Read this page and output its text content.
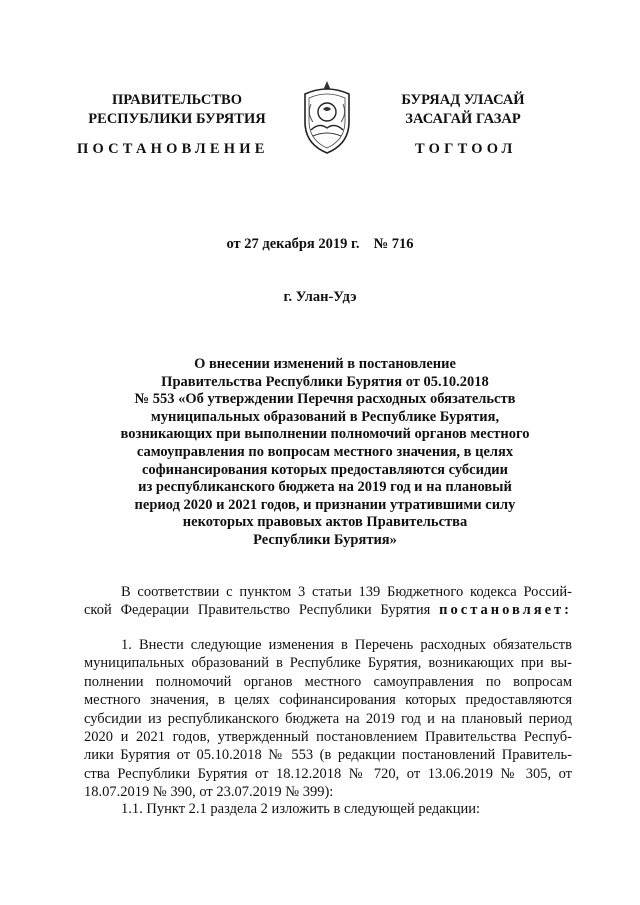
ПРАВИТЕЛЬСТВО
РЕСПУБЛИКИ БУРЯТИЯ
БУРЯАД УЛАСАЙ
ЗАСАГАЙ ГАЗАР
ПОСТАНОВЛЕНИЕ	ТОГТООЛ
от 27 декабря 2019 г. № 716
г. Улан-Удэ
О внесении изменений в постановление
Правительства Республики Бурятия от 05.10.2018
№ 553 «Об утверждении Перечня расходных обязательств
муниципальных образований в Республике Бурятия,
возникающих при выполнении полномочий органов местного
самоуправления по вопросам местного значения, в целях
софинансирования которых предоставляются субсидии
из республиканского бюджета на 2019 год и на плановый
период 2020 и 2021 годов, и признании утратившими силу
некоторых правовых актов Правительства
Республики Бурятия»
В соответствии с пунктом 3 статьи 139 Бюджетного кодекса Россий-
ской Федерации Правительство Республики Бурятия постановляет:
1. Внести следующие изменения в Перечень расходных обязательств
муниципальных образований в Республике Бурятия, возникающих при вы-
полнении полномочий органов местного самоуправления по вопросам
местного значения, в целях софинансирования которых предоставляются
субсидии из республиканского бюджета на 2019 год и на плановый период
2020 и 2021 годов, утвержденный постановлением Правительства Респуб-
лики Бурятия от 05.10.2018 № 553 (в редакции постановлений Правитель-
ства Республики Бурятия от 18.12.2018 № 720, от 13.06.2019 № 305, от
18.07.2019 № 390, от 23.07.2019 № 399):
1.1. Пункт 2.1 раздела 2 изложить в следующей редакции:
